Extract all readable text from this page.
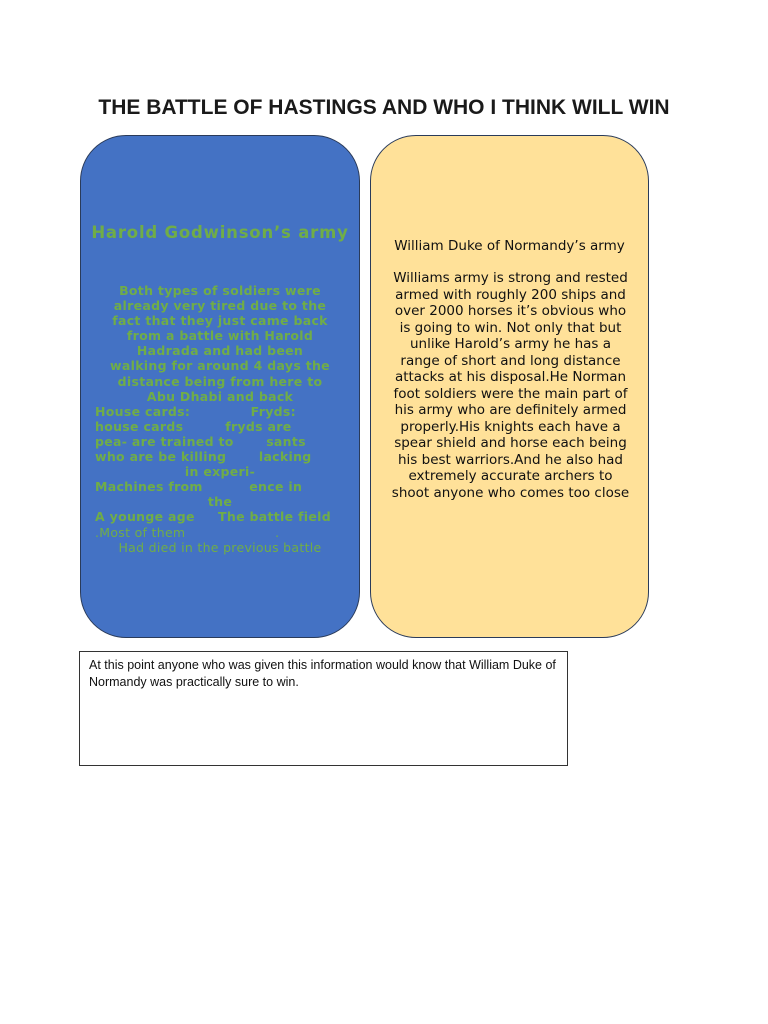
THE BATTLE OF HASTINGS AND WHO I THINK WILL WIN
Harold Godwinson’s army
Both types of soldiers were
already very tired due to the
fact that they just came back
from a battle with Harold
Hadrada and had been
walking for around 4 days the
distance being from here to
Abu Dhabi and back
House cards:             Fryds:
house cards         fryds are
pea- are trained to       sants
who are be killing       lacking
in experi-
Machines from          ence in
the
A younge age     The battle field
.Most of them                     .
Had died in the previous battle
William Duke of Normandy’s army
Williams army is strong and rested armed with roughly 200 ships and over 2000 horses it’s obvious who is going to win. Not only that but unlike Harold’s army he has a range of short and long distance attacks at his disposal.He Norman foot soldiers were the main part of his army who are definitely armed properly.His knights each have a spear shield and horse each being his best warriors.And he also had extremely accurate archers to shoot anyone who comes too close
At this point anyone who was given this information would know that William Duke of Normandy was practically sure to win.
